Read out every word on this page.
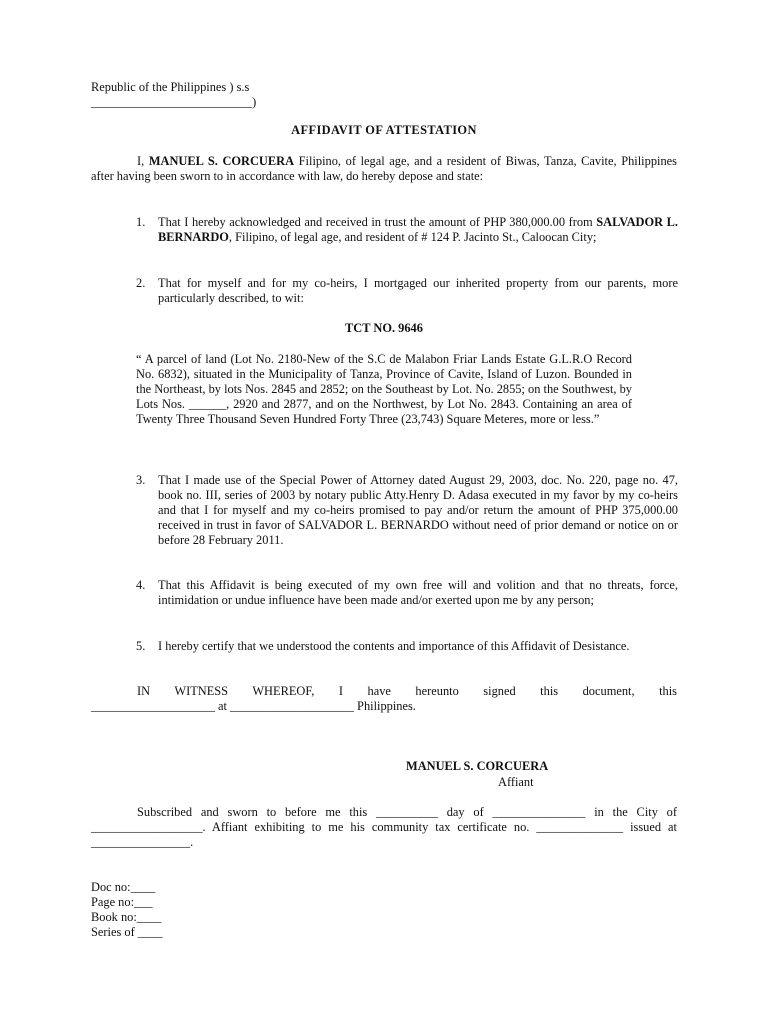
Republic of the Philippines ) s.s
__________________________)
AFFIDAVIT OF ATTESTATION
I, MANUEL S. CORCUERA Filipino, of legal age, and a resident of Biwas, Tanza, Cavite, Philippines after having been sworn to in accordance with law, do hereby depose and state:
1. That I hereby acknowledged and received in trust the amount of PHP 380,000.00 from SALVADOR L. BERNARDO, Filipino, of legal age, and resident of # 124 P. Jacinto St., Caloocan City;
2. That for myself and for my co-heirs, I mortgaged our inherited property from our parents, more particularly described, to wit:
TCT NO. 9646
“ A parcel of land (Lot No. 2180-New of the S.C de Malabon Friar Lands Estate G.L.R.O Record No. 6832), situated in the Municipality of Tanza, Province of Cavite, Island of Luzon. Bounded in the Northeast, by lots Nos. 2845 and 2852; on the Southeast by Lot. No. 2855; on the Southwest, by Lots Nos. ______, 2920 and 2877, and on the Northwest, by Lot No. 2843. Containing an area of Twenty Three Thousand Seven Hundred Forty Three (23,743) Square Meteres, more or less.”
3. That I made use of the Special Power of Attorney dated August 29, 2003, doc. No. 220, page no. 47, book no. III, series of 2003 by notary public Atty.Henry D. Adasa executed in my favor by my co-heirs and that I for myself and my co-heirs promised to pay and/or return the amount of PHP 375,000.00 received in trust in favor of SALVADOR L. BERNARDO without need of prior demand or notice on or before 28 February 2011.
4. That this Affidavit is being executed of my own free will and volition and that no threats, force, intimidation or undue influence have been made and/or exerted upon me by any person;
5. I hereby certify that we understood the contents and importance of this Affidavit of Desistance.
IN WITNESS WHEREOF, I have hereunto signed this document, this
____________________ at ____________________ Philippines.
MANUEL S. CORCUERA
Affiant
Subscribed and sworn to before me this __________ day of _______________ in the City of __________________. Affiant exhibiting to me his community tax certificate no. ______________ issued at ________________.
Doc no:____
Page no:___
Book no:____
Series of ____
